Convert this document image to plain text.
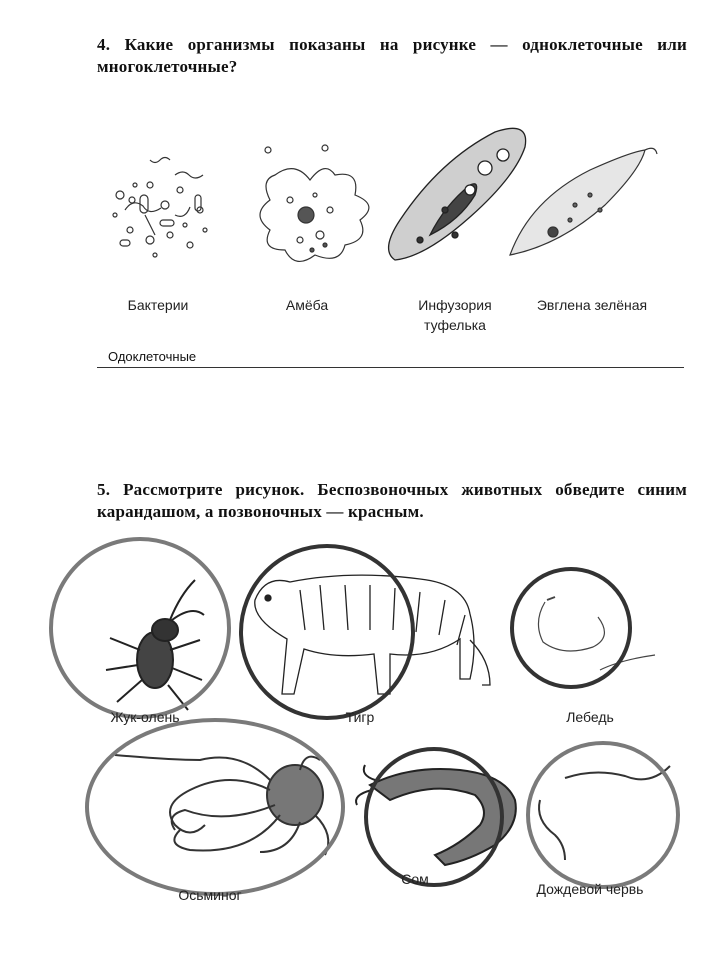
4. Какие организмы показаны на рисунке — одноклеточные или многоклеточные?
Бактерии	Амёба	Инфузория
туфелька
Эвглена зелёная
Одоклеточные
5. Рассмотрите рисунок. Беспозвоночных животных обведите синим карандашом, а позвоночных — красным.
Жук-олень	Тигр	Лебедь
Осьминог
Сом
Дождевой червь
